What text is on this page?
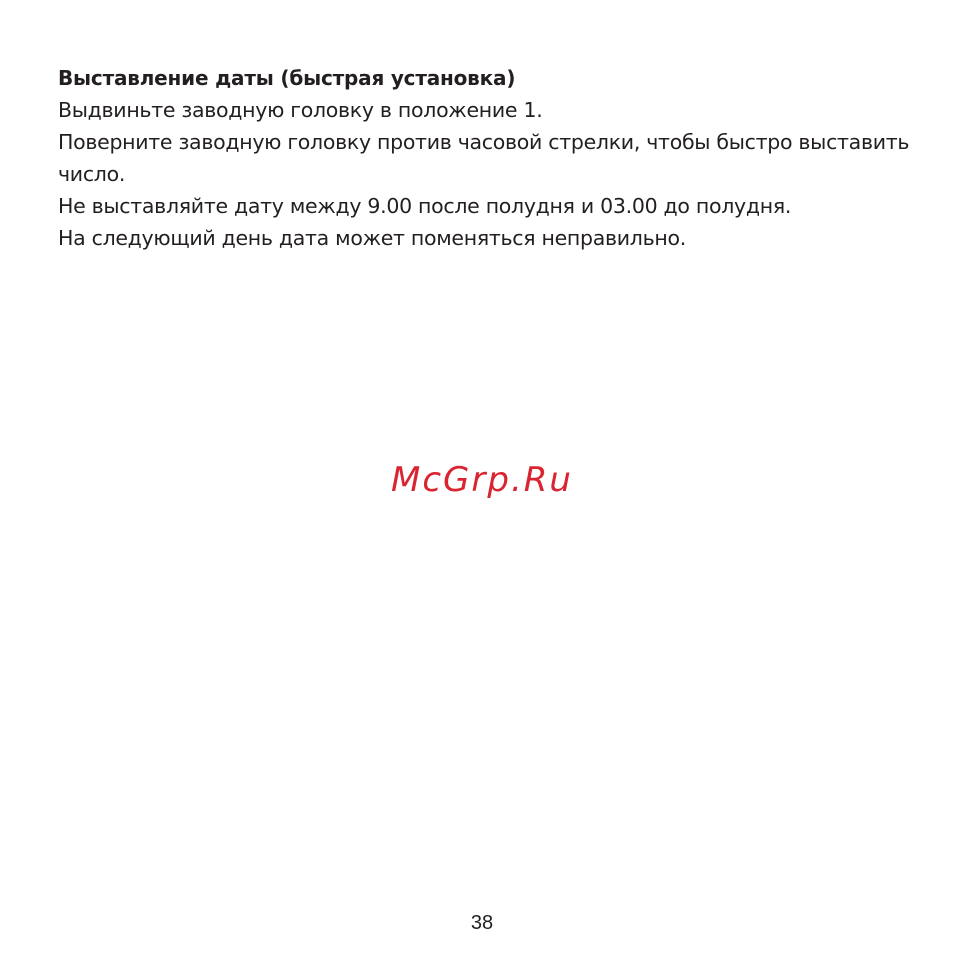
Выставление даты (быстрая установка)

Выдвиньте заводную головку в положение 1.

Поверните заводную головку против часовой стрелки, чтобы быстро выставить число.

Не выставляйте дату между 9.00 после полудня и 03.00 до полудня.

На следующий день дата может поменяться неправильно.

McGrp.Ru
38
